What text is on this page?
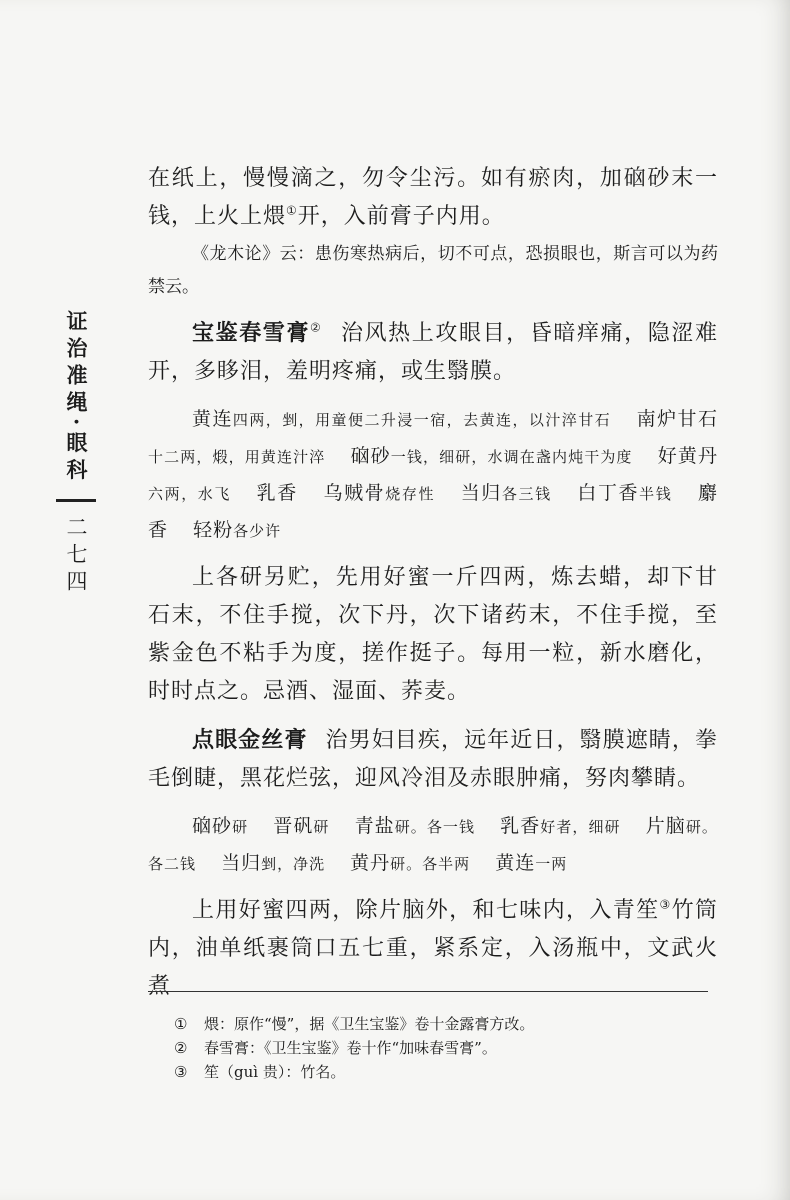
证治准绳·眼科
二七四

在纸上，慢慢滴之，勿令尘污。如有瘀肉，加硇砂末一钱，上火上煨①开，入前膏子内用。

《龙木论》云：患伤寒热病后，切不可点，恐损眼也，斯言可以为药禁云。

宝鉴春雪膏② 治风热上攻眼目，昏暗痒痛，隐涩难开，多眵泪，羞明疼痛，或生翳膜。

黄连四两，剉，用童便二升浸一宿，去黄连，以汁淬甘石 南炉甘石十二两，煅，用黄连汁淬 硇砂一钱，细研，水调在盏内炖干为度 好黄丹六两，水飞 乳香 乌贼骨烧存性 当归各三钱 白丁香半钱 麝香 轻粉各少许

上各研另贮，先用好蜜一斤四两，炼去蜡，却下甘石末，不住手搅，次下丹，次下诸药末，不住手搅，至紫金色不粘手为度，搓作挺子。每用一粒，新水磨化，时时点之。忌酒、湿面、荞麦。

点眼金丝膏 治男妇目疾，远年近日，翳膜遮睛，拳毛倒睫，黑花烂弦，迎风冷泪及赤眼肿痛，努肉攀睛。

硇砂研 晋矾研 青盐研。各一钱 乳香好者，细研 片脑研。各二钱 当归剉，净洗 黄丹研。各半两 黄连一两

上用好蜜四两，除片脑外，和七味内，入青笙③竹筒内，油单纸裹筒口五七重，紧系定，入汤瓶中，文武火煮

① 煨：原作“慢”，据《卫生宝鉴》卷十金露膏方改。
② 春雪膏：《卫生宝鉴》卷十作“加味春雪膏”。
③ 笙（guì 贵）：竹名。
